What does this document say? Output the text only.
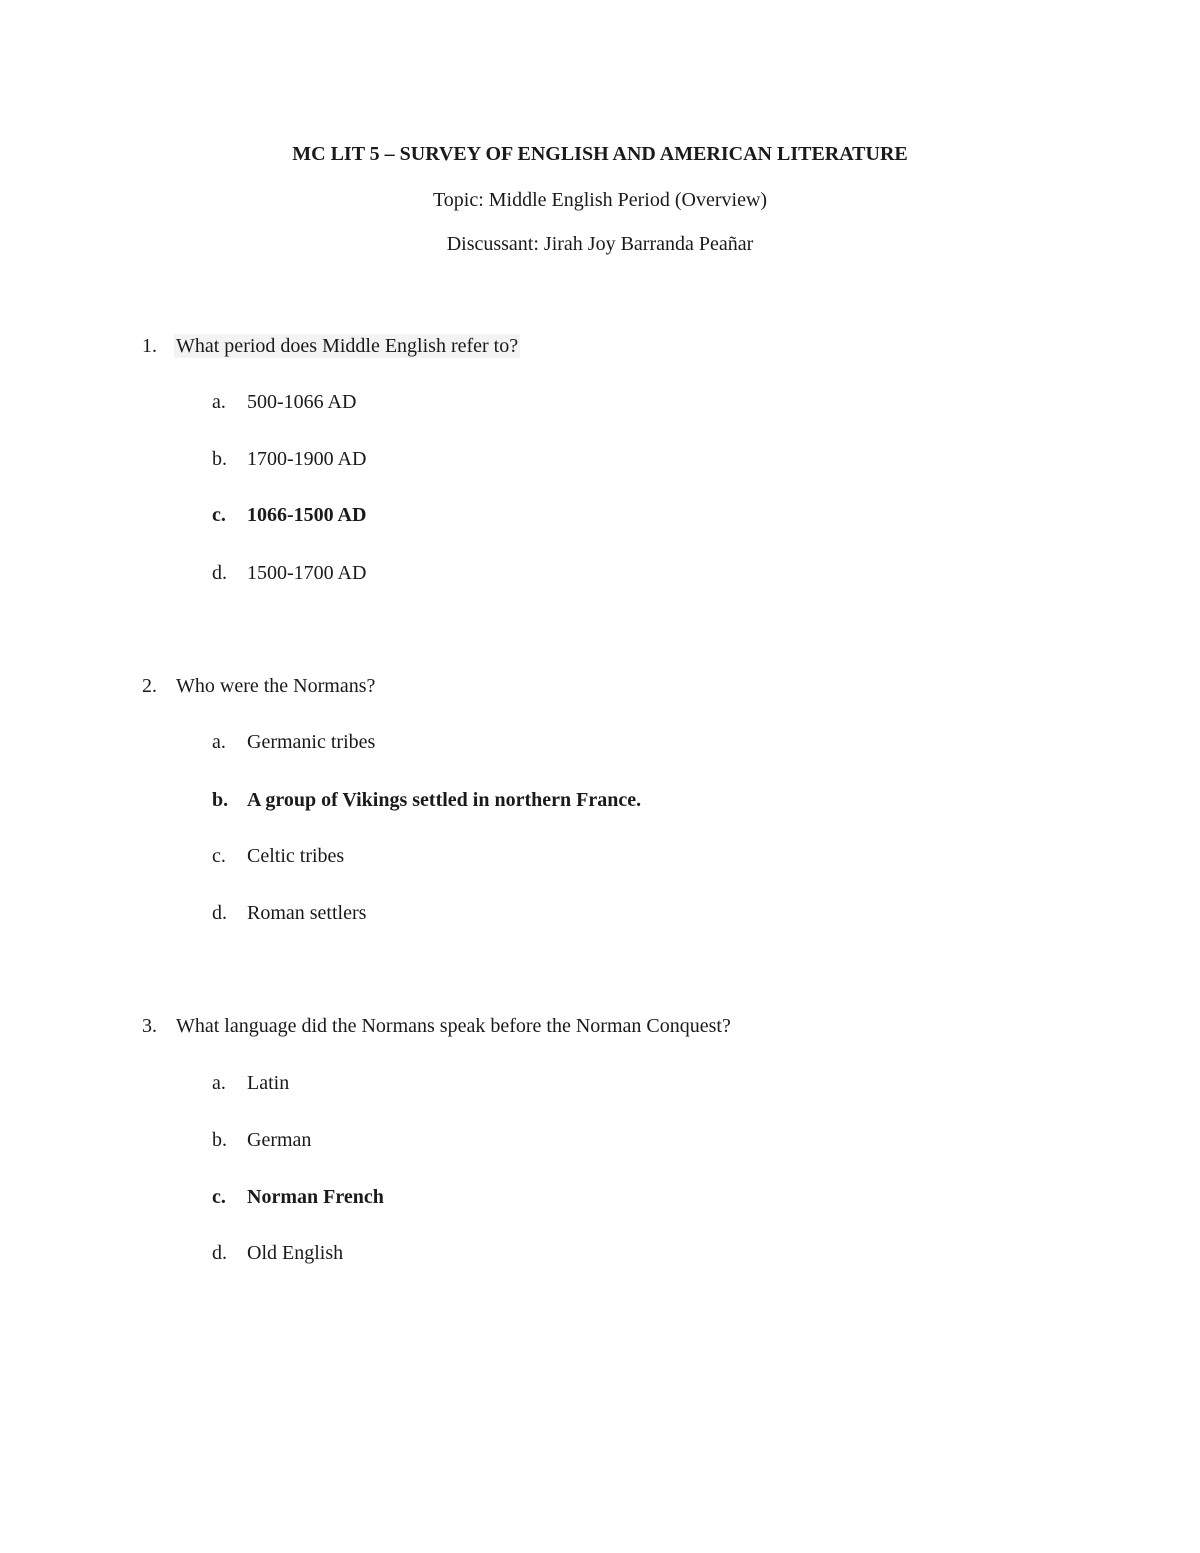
MC LIT 5 – SURVEY OF ENGLISH AND AMERICAN LITERATURE
Topic: Middle English Period (Overview)
Discussant: Jirah Joy Barranda Peañar
1. What period does Middle English refer to?
a. 500-1066 AD
b. 1700-1900 AD
c. 1066-1500 AD
d. 1500-1700 AD
2. Who were the Normans?
a. Germanic tribes
b. A group of Vikings settled in northern France.
c. Celtic tribes
d. Roman settlers
3. What language did the Normans speak before the Norman Conquest?
a. Latin
b. German
c. Norman French
d. Old English
